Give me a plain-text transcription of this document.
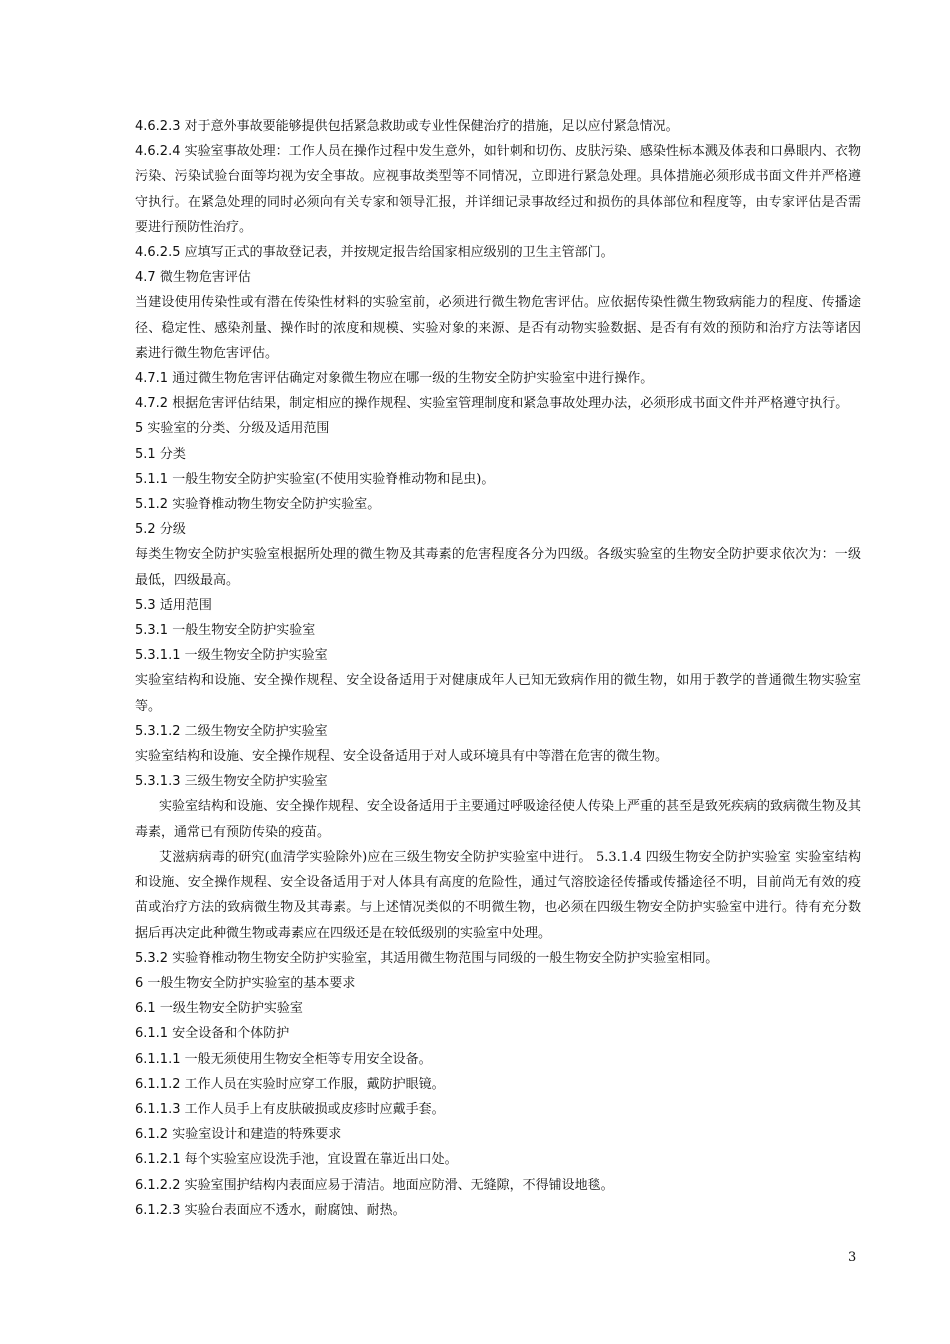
4.6.2.3 对于意外事故要能够提供包括紧急救助或专业性保健治疗的措施，足以应付紧急情况。

4.6.2.4 实验室事故处理：工作人员在操作过程中发生意外，如针刺和切伤、皮肤污染、感染性标本溅及体表和口鼻眼内、衣物污染、污染试验台面等均视为安全事故。应视事故类型等不同情况，立即进行紧急处理。具体措施必须形成书面文件并严格遵守执行。在紧急处理的同时必须向有关专家和领导汇报，并详细记录事故经过和损伤的具体部位和程度等，由专家评估是否需要进行预防性治疗。

4.6.2.5 应填写正式的事故登记表，并按规定报告给国家相应级别的卫生主管部门。

4.7 微生物危害评估

当建设使用传染性或有潜在传染性材料的实验室前，必须进行微生物危害评估。应依据传染性微生物致病能力的程度、传播途径、稳定性、感染剂量、操作时的浓度和规模、实验对象的来源、是否有动物实验数据、是否有有效的预防和治疗方法等诸因素进行微生物危害评估。

4.7.1 通过微生物危害评估确定对象微生物应在哪一级的生物安全防护实验室中进行操作。

4.7.2 根据危害评估结果，制定相应的操作规程、实验室管理制度和紧急事故处理办法，必须形成书面文件并严格遵守执行。

5 实验室的分类、分级及适用范围

5.1 分类

5.1.1 一般生物安全防护实验室(不使用实验脊椎动物和昆虫)。

5.1.2 实验脊椎动物生物安全防护实验室。

5.2 分级

每类生物安全防护实验室根据所处理的微生物及其毒素的危害程度各分为四级。各级实验室的生物安全防护要求依次为：一级最低，四级最高。

5.3 适用范围

5.3.1 一般生物安全防护实验室

5.3.1.1 一级生物安全防护实验室

实验室结构和设施、安全操作规程、安全设备适用于对健康成年人已知无致病作用的微生物，如用于教学的普通微生物实验室等。

5.3.1.2 二级生物安全防护实验室

实验室结构和设施、安全操作规程、安全设备适用于对人或环境具有中等潜在危害的微生物。

5.3.1.3 三级生物安全防护实验室

实验室结构和设施、安全操作规程、安全设备适用于主要通过呼吸途径使人传染上严重的甚至是致死疾病的致病微生物及其毒素，通常已有预防传染的疫苗。

艾滋病病毒的研究(血清学实验除外)应在三级生物安全防护实验室中进行。 5.3.1.4 四级生物安全防护实验室 实验室结构和设施、安全操作规程、安全设备适用于对人体具有高度的危险性，通过气溶胶途径传播或传播途径不明，目前尚无有效的疫苗或治疗方法的致病微生物及其毒素。与上述情况类似的不明微生物，也必须在四级生物安全防护实验室中进行。待有充分数据后再决定此种微生物或毒素应在四级还是在较低级别的实验室中处理。

5.3.2 实验脊椎动物生物安全防护实验室，其适用微生物范围与同级的一般生物安全防护实验室相同。

6 一般生物安全防护实验室的基本要求

6.1 一级生物安全防护实验室

6.1.1 安全设备和个体防护

6.1.1.1 一般无须使用生物安全柜等专用安全设备。

6.1.1.2 工作人员在实验时应穿工作服，戴防护眼镜。

6.1.1.3 工作人员手上有皮肤破损或皮疹时应戴手套。

6.1.2 实验室设计和建造的特殊要求

6.1.2.1 每个实验室应设洗手池，宜设置在靠近出口处。

6.1.2.2 实验室围护结构内表面应易于清洁。地面应防滑、无缝隙，不得铺设地毯。

6.1.2.3 实验台表面应不透水，耐腐蚀、耐热。

3
